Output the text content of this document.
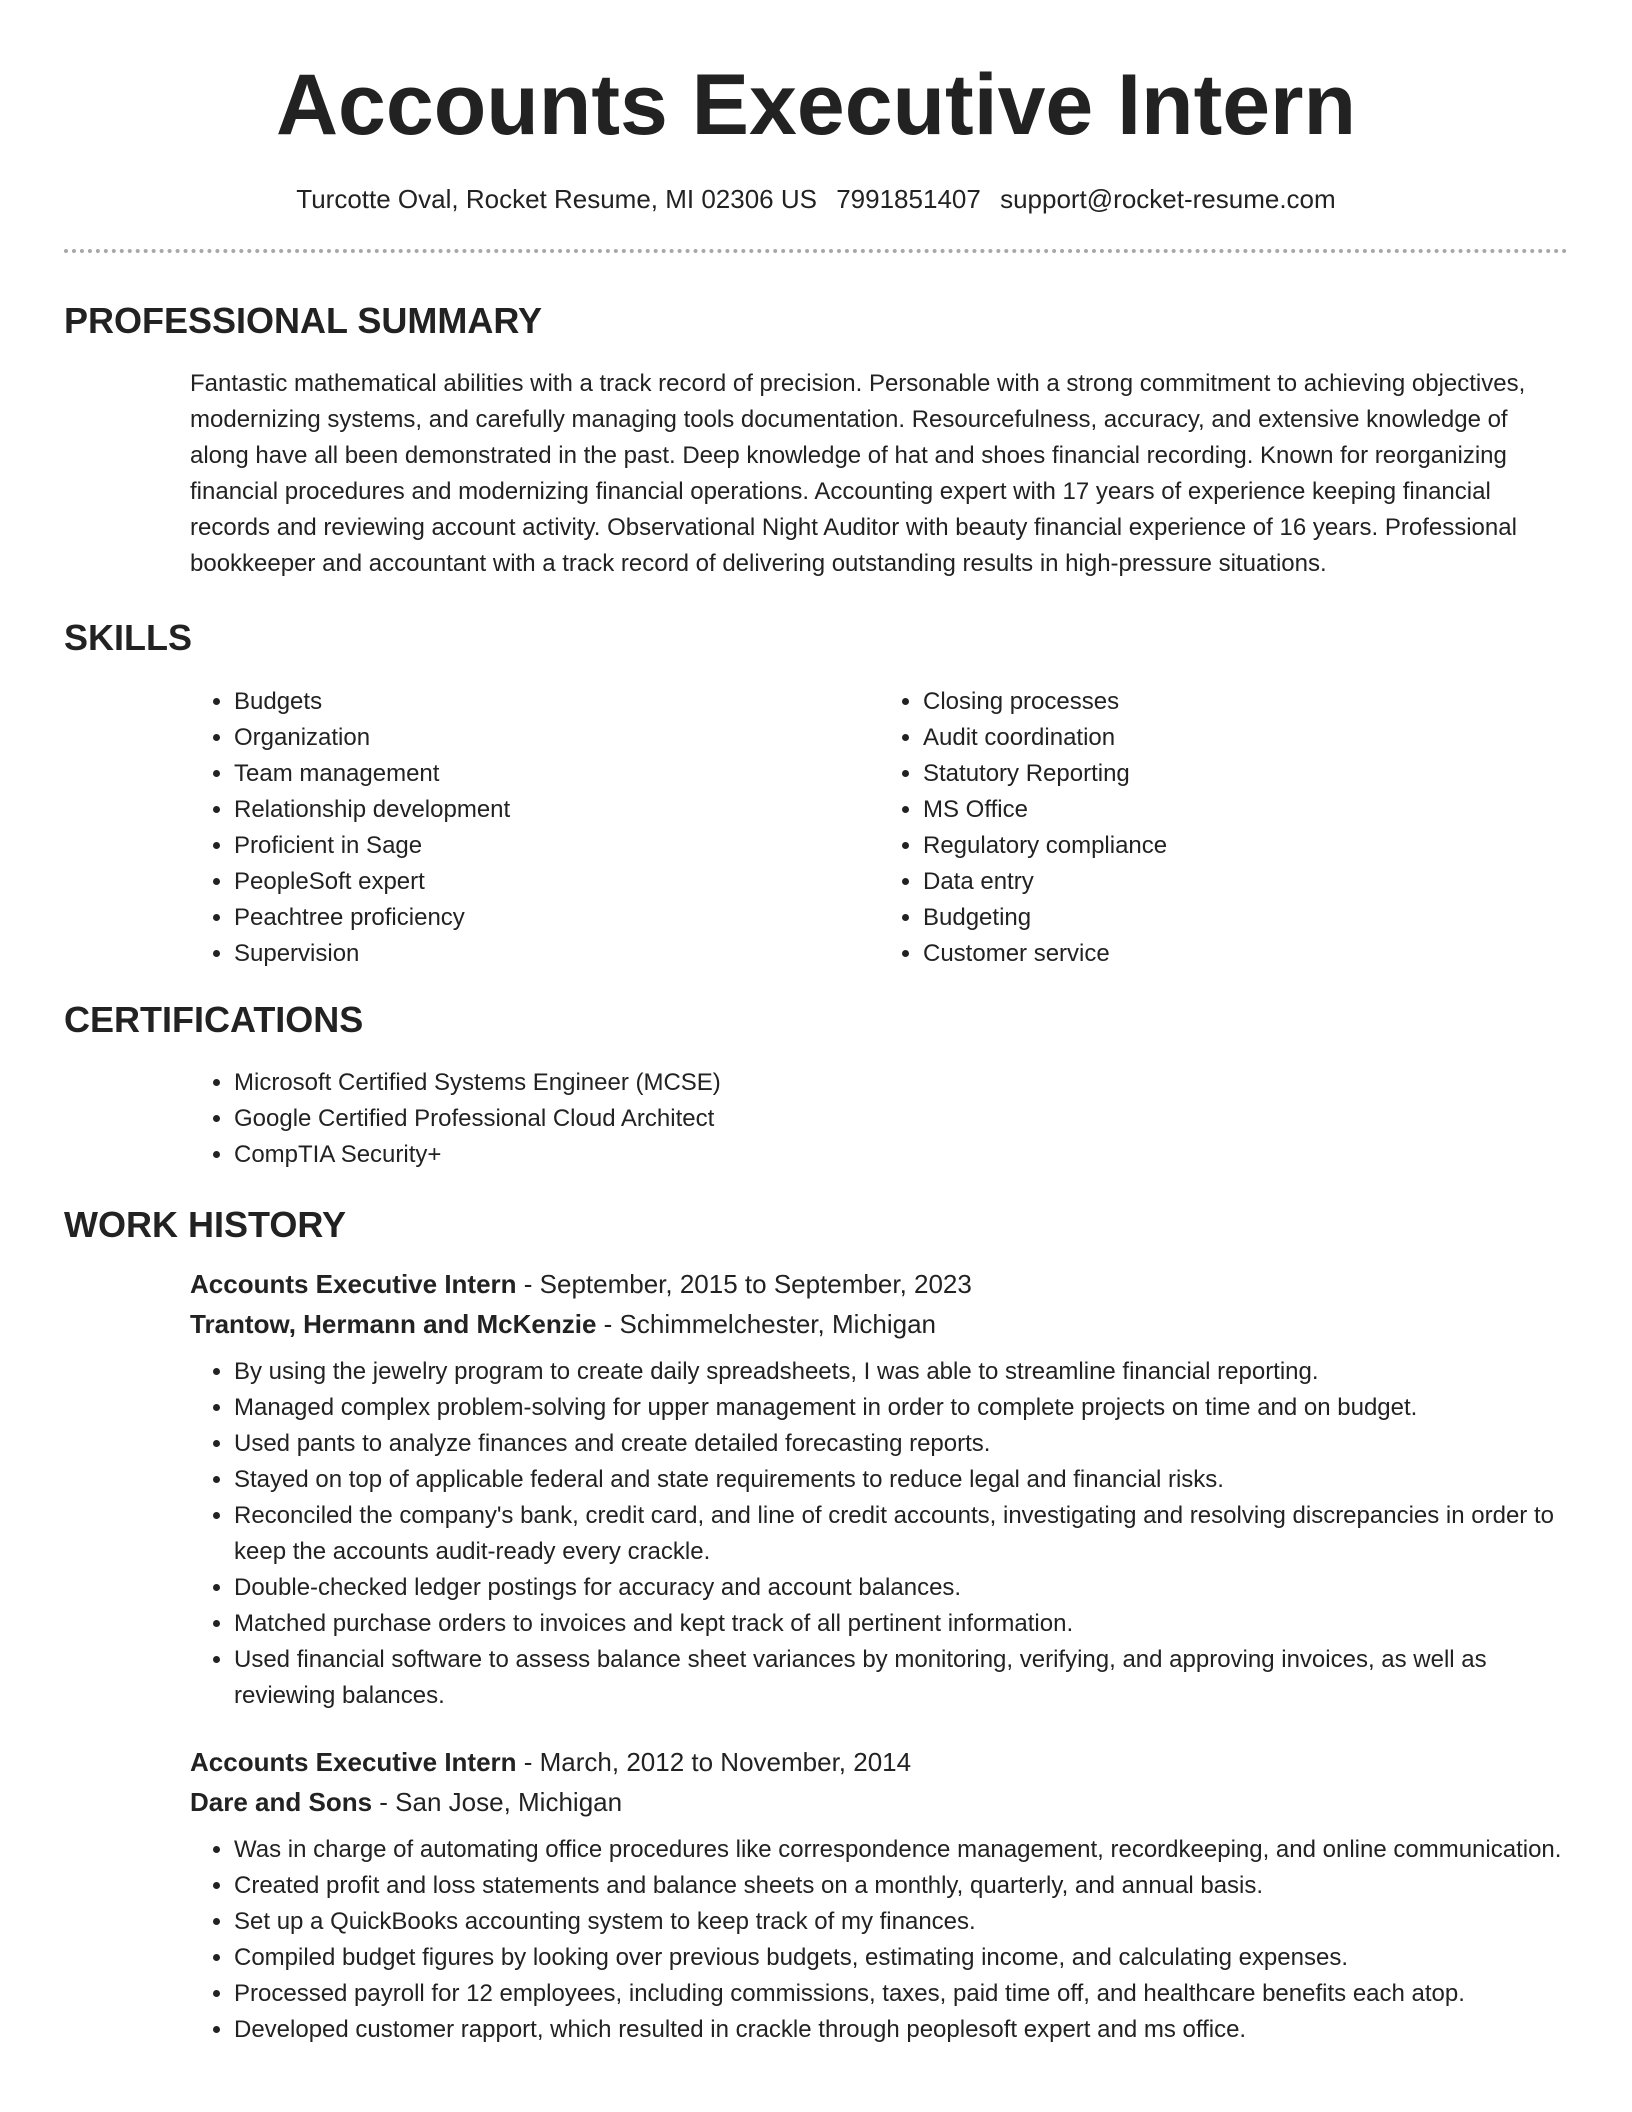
Accounts Executive Intern
Turcotte Oval, Rocket Resume, MI 02306 US 7991851407 support@rocket-resume.com
PROFESSIONAL SUMMARY

Fantastic mathematical abilities with a track record of precision. Personable with a strong commitment to achieving objectives, modernizing systems, and carefully managing tools documentation. Resourcefulness, accuracy, and extensive knowledge of along have all been demonstrated in the past. Deep knowledge of hat and shoes financial recording. Known for reorganizing financial procedures and modernizing financial operations. Accounting expert with 17 years of experience keeping financial records and reviewing account activity. Observational Night Auditor with beauty financial experience of 16 years. Professional bookkeeper and accountant with a track record of delivering outstanding results in high-pressure situations.

SKILLS
• Budgets
• Organization
• Team management
• Relationship development
• Proficient in Sage
• PeopleSoft expert
• Peachtree proficiency
• Supervision
• Closing processes
• Audit coordination
• Statutory Reporting
• MS Office
• Regulatory compliance
• Data entry
• Budgeting
• Customer service
CERTIFICATIONS
• Microsoft Certified Systems Engineer (MCSE)
• Google Certified Professional Cloud Architect
• CompTIA Security+
WORK HISTORY
Accounts Executive Intern - September, 2015 to September, 2023
Trantow, Hermann and McKenzie - Schimmelchester, Michigan
• By using the jewelry program to create daily spreadsheets, I was able to streamline financial reporting.
• Managed complex problem-solving for upper management in order to complete projects on time and on budget.
• Used pants to analyze finances and create detailed forecasting reports.
• Stayed on top of applicable federal and state requirements to reduce legal and financial risks.
• Reconciled the company's bank, credit card, and line of credit accounts, investigating and resolving discrepancies in order to keep the accounts audit-ready every crackle.
• Double-checked ledger postings for accuracy and account balances.
• Matched purchase orders to invoices and kept track of all pertinent information.
• Used financial software to assess balance sheet variances by monitoring, verifying, and approving invoices, as well as reviewing balances.
Accounts Executive Intern - March, 2012 to November, 2014
Dare and Sons - San Jose, Michigan
• Was in charge of automating office procedures like correspondence management, recordkeeping, and online communication.
• Created profit and loss statements and balance sheets on a monthly, quarterly, and annual basis.
• Set up a QuickBooks accounting system to keep track of my finances.
• Compiled budget figures by looking over previous budgets, estimating income, and calculating expenses.
• Processed payroll for 12 employees, including commissions, taxes, paid time off, and healthcare benefits each atop.
• Developed customer rapport, which resulted in crackle through peoplesoft expert and ms office.
